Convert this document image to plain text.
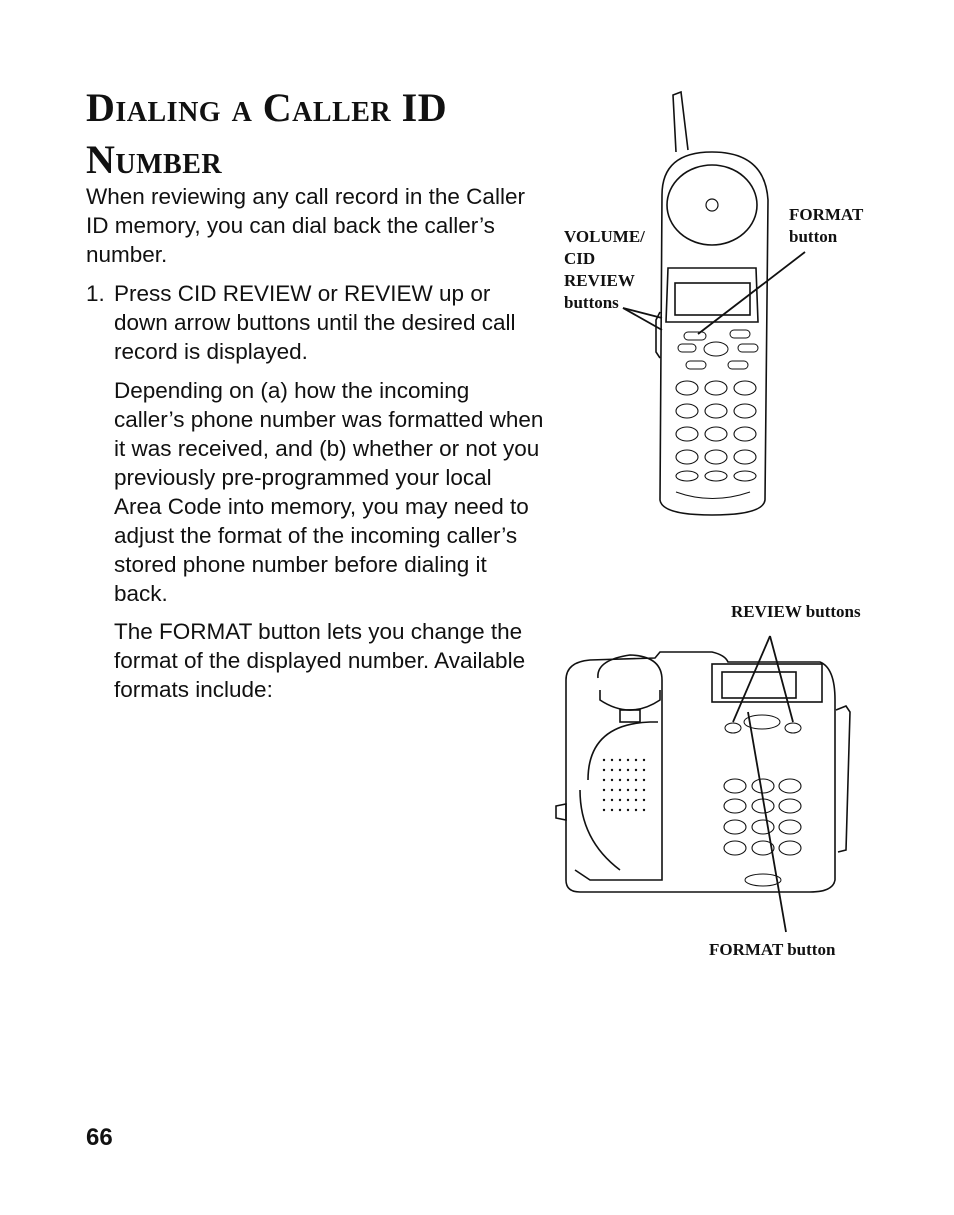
Dialing a Caller ID
Number

When reviewing any call record in the Caller ID memory, you can dial back the caller’s number.

1. Press CID REVIEW or REVIEW up or down arrow buttons until the desired call record is displayed.

Depending on (a) how the incoming caller’s phone number was formatted when it was received, and (b) whether or not you previously pre-programmed your local Area Code into memory, you may need to adjust the format of the incoming caller’s stored phone number before dialing it back.

The FORMAT button lets you change the format of the displayed number. Available formats include:

VOLUME/
CID
REVIEW
buttons

FORMAT
button

REVIEW buttons

FORMAT button

66
